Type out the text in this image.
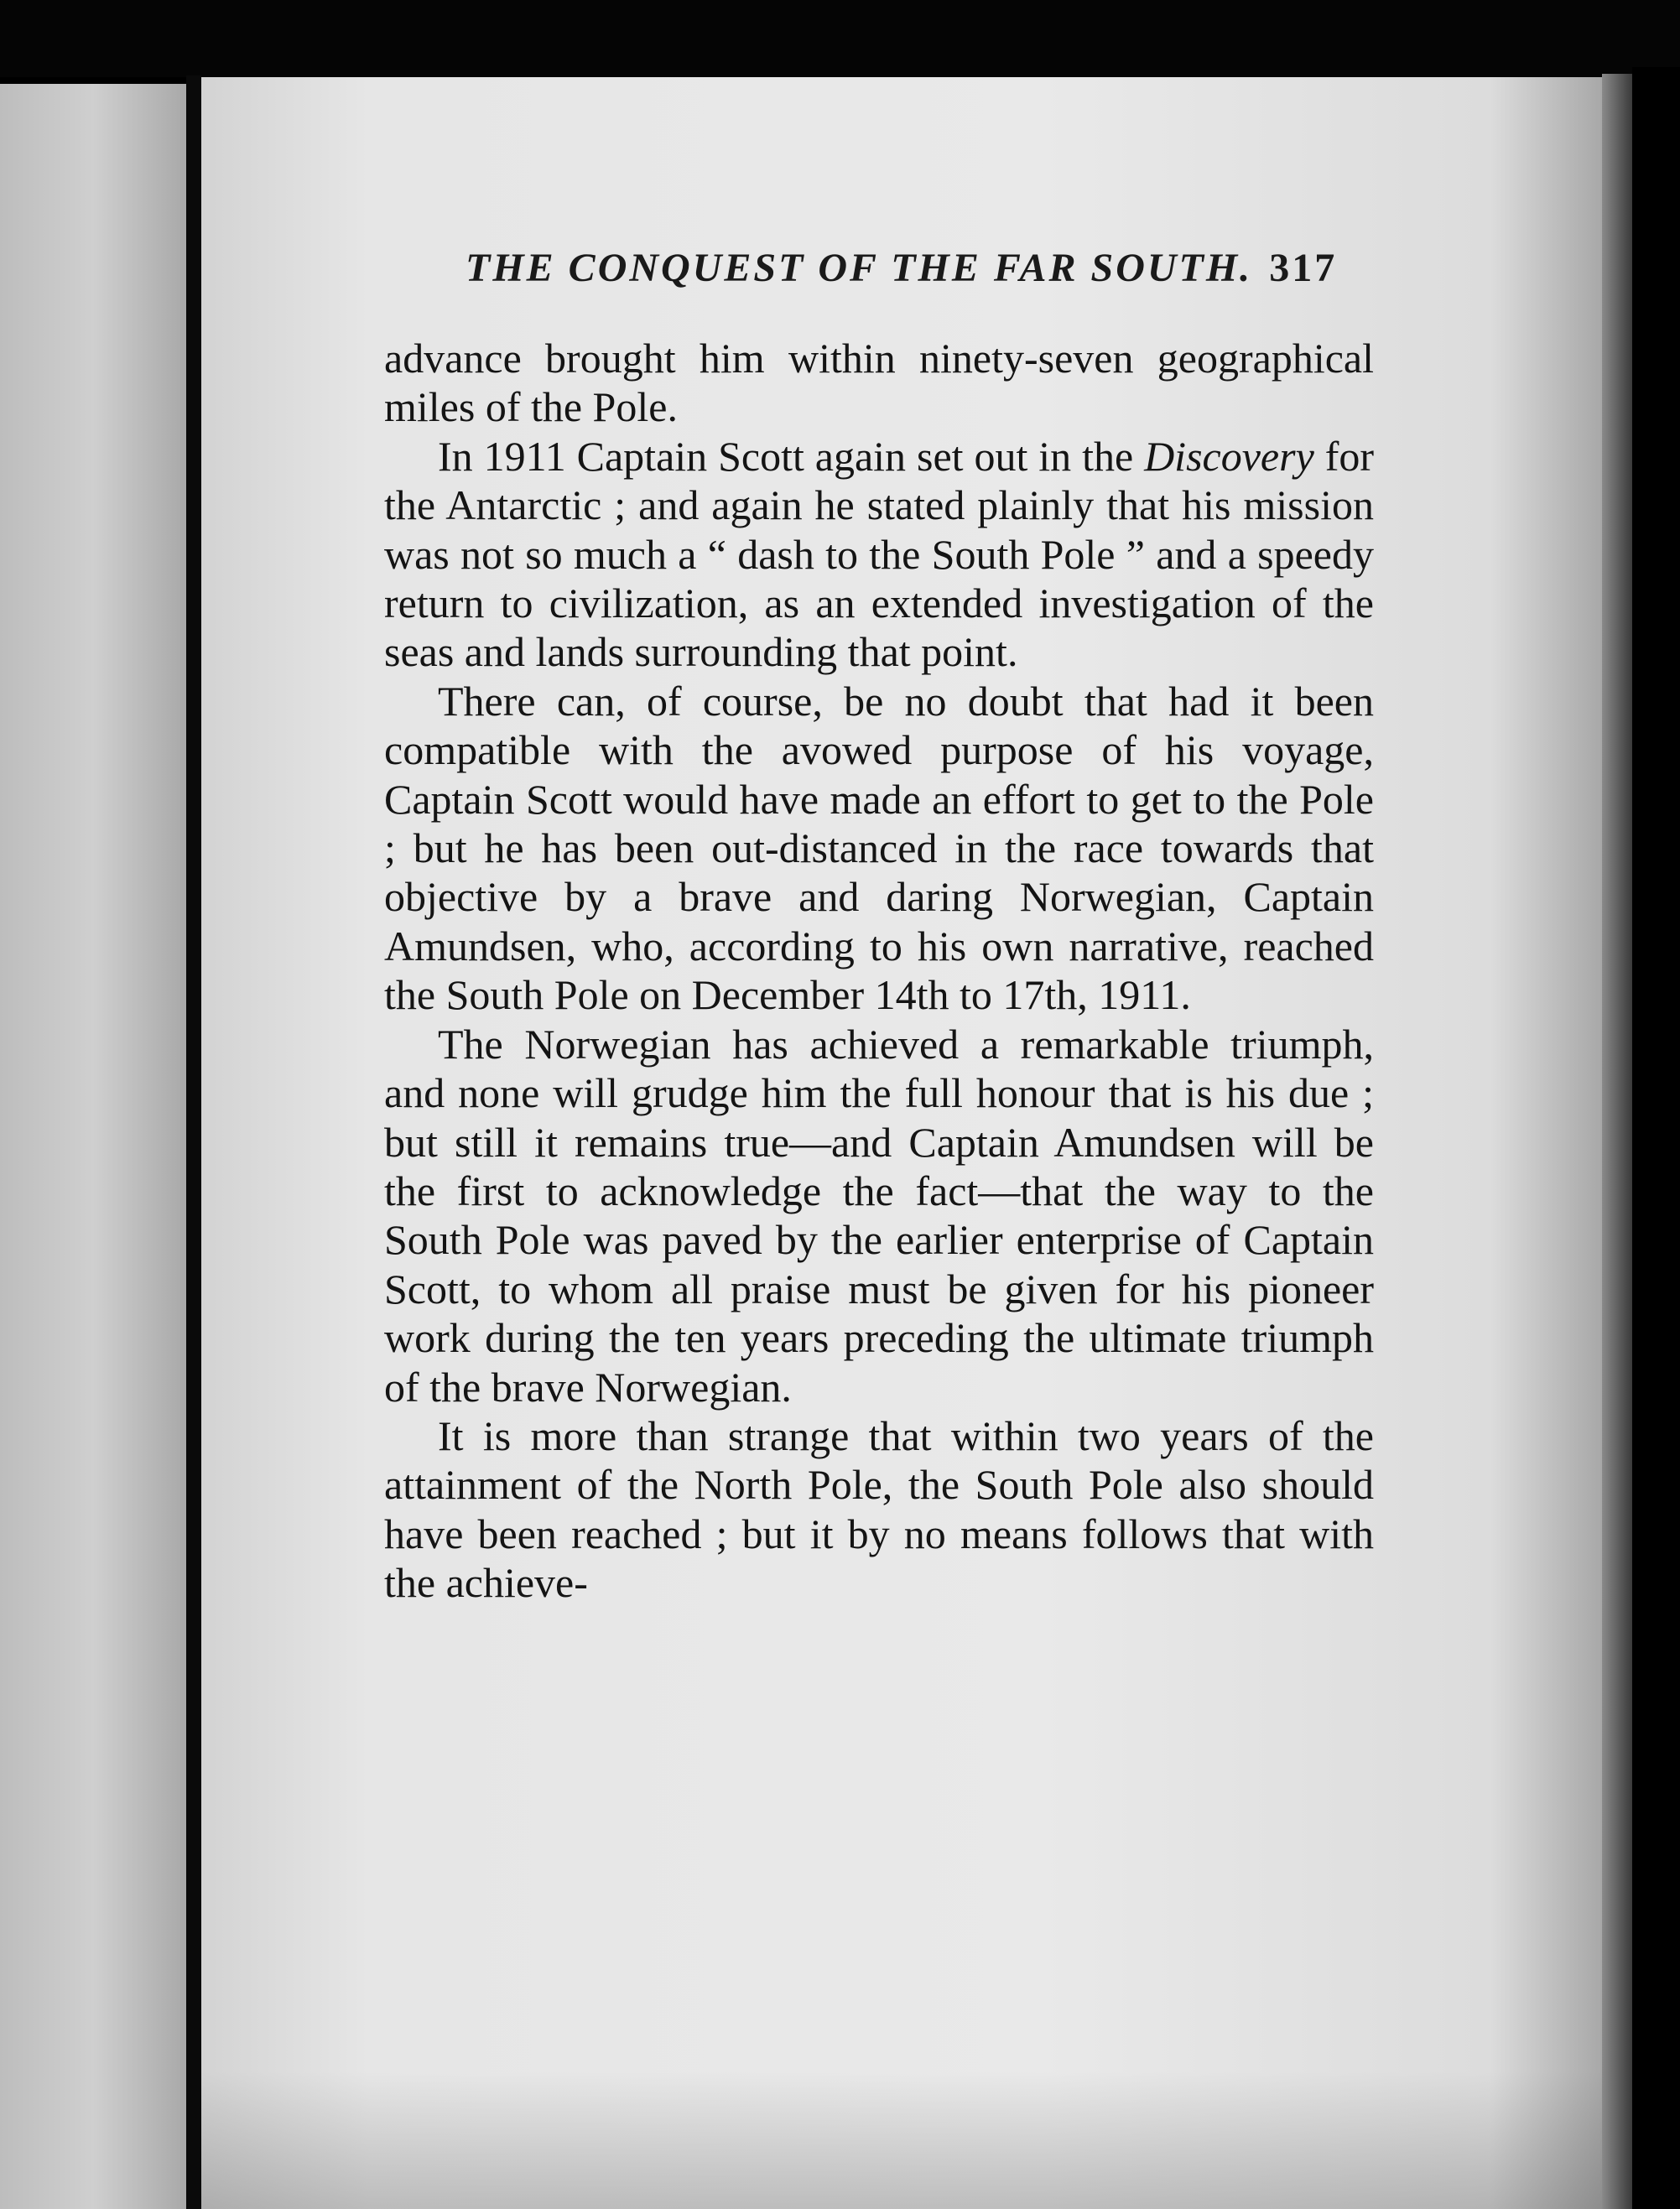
THE CONQUEST OF THE FAR SOUTH. 317

advance brought him within ninety-seven geographical miles of the Pole.

In 1911 Captain Scott again set out in the Discovery for the Antarctic ; and again he stated plainly that his mission was not so much a “ dash to the South Pole ” and a speedy return to civilization, as an extended investigation of the seas and lands surrounding that point.

There can, of course, be no doubt that had it been compatible with the avowed purpose of his voyage, Captain Scott would have made an effort to get to the Pole ; but he has been out-distanced in the race towards that objective by a brave and daring Norwegian, Captain Amundsen, who, according to his own narrative, reached the South Pole on December 14th to 17th, 1911.

The Norwegian has achieved a remarkable triumph, and none will grudge him the full honour that is his due ; but still it remains true—and Captain Amundsen will be the first to acknowledge the fact—that the way to the South Pole was paved by the earlier enterprise of Captain Scott, to whom all praise must be given for his pioneer work during the ten years preceding the ultimate triumph of the brave Norwegian.

It is more than strange that within two years of the attainment of the North Pole, the South Pole also should have been reached ; but it by no means follows that with the achieve-
